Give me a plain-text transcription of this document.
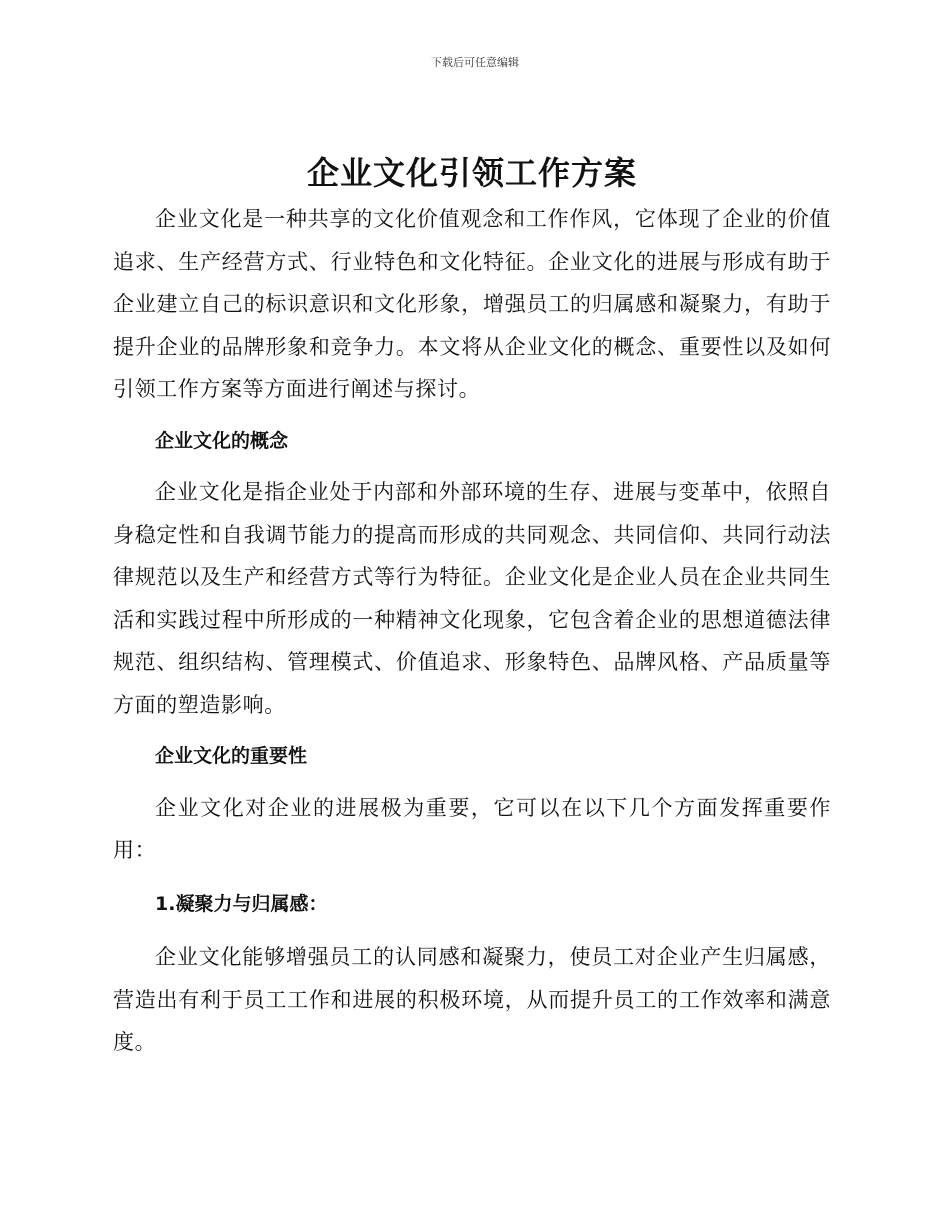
下载后可任意编辑
企业文化引领工作方案

企业文化是一种共享的文化价值观念和工作作风，它体现了企业的价值追求、生产经营方式、行业特色和文化特征。企业文化的进展与形成有助于企业建立自己的标识意识和文化形象，增强员工的归属感和凝聚力，有助于提升企业的品牌形象和竞争力。本文将从企业文化的概念、重要性以及如何引领工作方案等方面进行阐述与探讨。

企业文化的概念

企业文化是指企业处于内部和外部环境的生存、进展与变革中，依照自身稳定性和自我调节能力的提高而形成的共同观念、共同信仰、共同行动法律规范以及生产和经营方式等行为特征。企业文化是企业人员在企业共同生活和实践过程中所形成的一种精神文化现象，它包含着企业的思想道德法律规范、组织结构、管理模式、价值追求、形象特色、品牌风格、产品质量等方面的塑造影响。

企业文化的重要性

企业文化对企业的进展极为重要，它可以在以下几个方面发挥重要作用：

1.凝聚力与归属感：

企业文化能够增强员工的认同感和凝聚力，使员工对企业产生归属感，营造出有利于员工工作和进展的积极环境，从而提升员工的工作效率和满意度。
